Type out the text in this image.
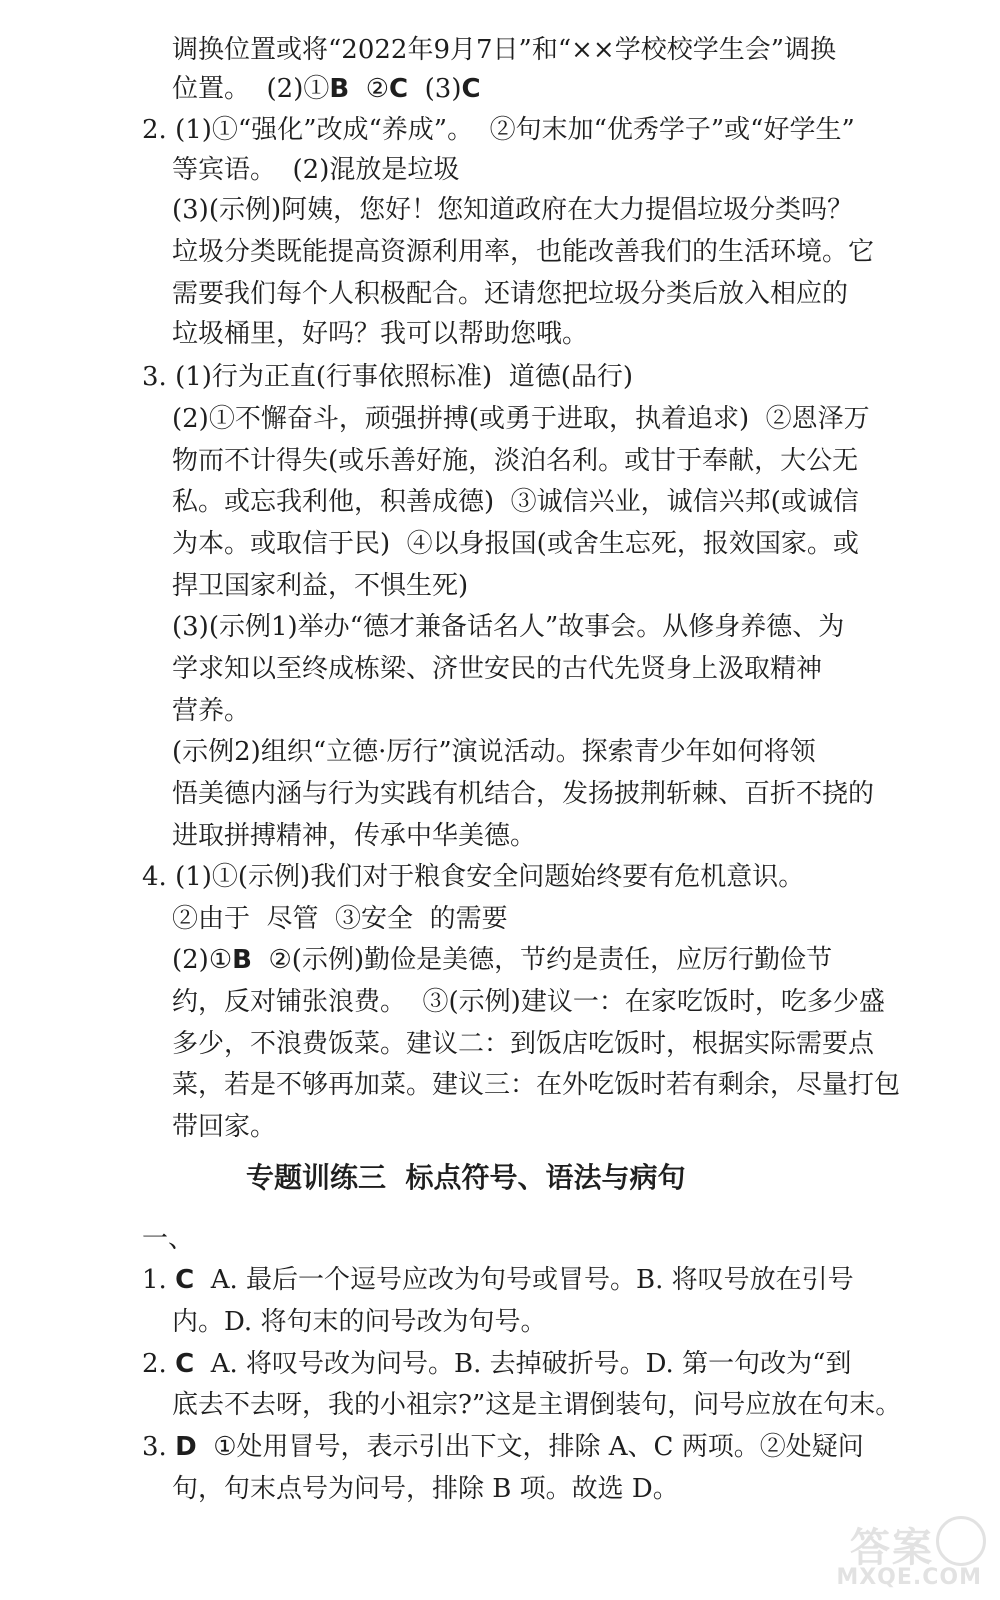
调换位置或将“2022年9月7日”和“××学校校学生会”调换
位置。  (2)①B  ②C  (3)C
2. (1)①“强化”改成“养成”。  ②句末加“优秀学子”或“好学生”
等宾语。  (2)混放是垃圾
(3)(示例)阿姨，您好！您知道政府在大力提倡垃圾分类吗？
垃圾分类既能提高资源利用率，也能改善我们的生活环境。它
需要我们每个人积极配合。还请您把垃圾分类后放入相应的
垃圾桶里，好吗？我可以帮助您哦。
3. (1)行为正直(行事依照标准)  道德(品行)
(2)①不懈奋斗，顽强拼搏(或勇于进取，执着追求)  ②恩泽万
物而不计得失(或乐善好施，淡泊名利。或甘于奉献，大公无
私。或忘我利他，积善成德)  ③诚信兴业，诚信兴邦(或诚信
为本。或取信于民)  ④以身报国(或舍生忘死，报效国家。或
捍卫国家利益，不惧生死)
(3)(示例1)举办“德才兼备话名人”故事会。从修身养德、为
学求知以至终成栋梁、济世安民的古代先贤身上汲取精神
营养。
(示例2)组织“立德·厉行”演说活动。探索青少年如何将领
悟美德内涵与行为实践有机结合，发扬披荆斩棘、百折不挠的
进取拼搏精神，传承中华美德。
4. (1)①(示例)我们对于粮食安全问题始终要有危机意识。
②由于  尽管  ③安全  的需要
(2)①B  ②(示例)勤俭是美德，节约是责任，应厉行勤俭节
约，反对铺张浪费。  ③(示例)建议一：在家吃饭时，吃多少盛
多少，不浪费饭菜。建议二：到饭店吃饭时，根据实际需要点
菜，若是不够再加菜。建议三：在外吃饭时若有剩余，尽量打包
带回家。
专题训练三  标点符号、语法与病句
一、
1. C  A. 最后一个逗号应改为句号或冒号。B. 将叹号放在引号
内。D. 将句末的问号改为句号。
2. C  A. 将叹号改为问号。B. 去掉破折号。D. 第一句改为“到
底去不去呀，我的小祖宗?”这是主谓倒装句，问号应放在句末。
3. D  ①处用冒号，表示引出下文，排除 A、C 两项。②处疑问
句，句末点号为问号，排除 B 项。故选 D。
答案
MXQE.COM
